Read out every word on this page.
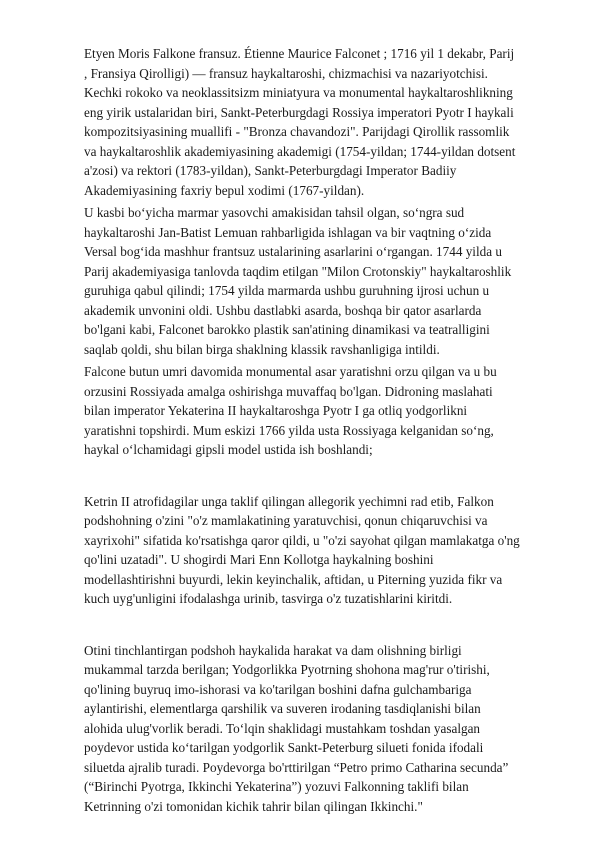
Etyen Moris Falkone fransuz. Étienne Maurice Falconet ; 1716 yil 1 dekabr, Parij , Fransiya Qirolligi) — fransuz haykaltaroshi, chizmachisi va nazariyotchisi. Kechki rokoko va neoklassitsizm miniatyura va monumental haykaltaroshlikning eng yirik ustalaridan biri, Sankt-Peterburgdagi Rossiya imperatori Pyotr I haykali kompozitsiyasining muallifi - "Bronza chavandozi". Parijdagi Qirollik rassomlik va haykaltaroshlik akademiyasining akademigi (1754-yildan; 1744-yildan dotsent a'zosi) va rektori (1783-yildan), Sankt-Peterburgdagi Imperator Badiiy Akademiyasining faxriy bepul xodimi (1767-yildan).

U kasbi bo‘yicha marmar yasovchi amakisidan tahsil olgan, so‘ngra sud haykaltaroshi Jan-Batist Lemuan rahbarligida ishlagan va bir vaqtning o‘zida Versal bog‘ida mashhur frantsuz ustalarining asarlarini o‘rgangan. 1744 yilda u Parij akademiyasiga tanlovda taqdim etilgan "Milon Crotonskiy" haykaltaroshlik guruhiga qabul qilindi; 1754 yilda marmarda ushbu guruhning ijrosi uchun u akademik unvonini oldi. Ushbu dastlabki asarda, boshqa bir qator asarlarda bo'lgani kabi, Falconet barokko plastik san'atining dinamikasi va teatralligini saqlab qoldi, shu bilan birga shaklning klassik ravshanligiga intildi.

Falcone butun umri davomida monumental asar yaratishni orzu qilgan va u bu orzusini Rossiyada amalga oshirishga muvaffaq bo'lgan. Didroning maslahati bilan imperator Yekaterina II haykaltaroshga Pyotr I ga otliq yodgorlikni yaratishni topshirdi. Mum eskizi 1766 yilda usta Rossiyaga kelganidan so‘ng, haykal o‘lchamidagi gipsli model ustida ish boshlandi;

Ketrin II atrofidagilar unga taklif qilingan allegorik yechimni rad etib, Falkon podshohning o'zini "o'z mamlakatining yaratuvchisi, qonun chiqaruvchisi va xayrixohi" sifatida ko'rsatishga qaror qildi, u "o'zi sayohat qilgan mamlakatga o'ng qo'lini uzatadi". U shogirdi Mari Enn Kollotga haykalning boshini modellashtirishni buyurdi, lekin keyinchalik, aftidan, u Piterning yuzida fikr va kuch uyg'unligini ifodalashga urinib, tasvirga o'z tuzatishlarini kiritdi.

Otini tinchlantirgan podshoh haykalida harakat va dam olishning birligi mukammal tarzda berilgan; Yodgorlikka Pyotrning shohona mag'rur o'tirishi, qo'lining buyruq imo-ishorasi va ko'tarilgan boshini dafna gulchambariga aylantirishi, elementlarga qarshilik va suveren irodaning tasdiqlanishi bilan alohida ulug'vorlik beradi. To‘lqin shaklidagi mustahkam toshdan yasalgan poydevor ustida ko‘tarilgan yodgorlik Sankt-Peterburg silueti fonida ifodali siluetda ajralib turadi. Poydevorga bo'rttirilgan “Petro primo Catharina secunda” (“Birinchi Pyotrga, Ikkinchi Yekaterina”) yozuvi Falkonning taklifi bilan Ketrinning o'zi tomonidan kichik tahrir bilan qilingan Ikkinchi."
